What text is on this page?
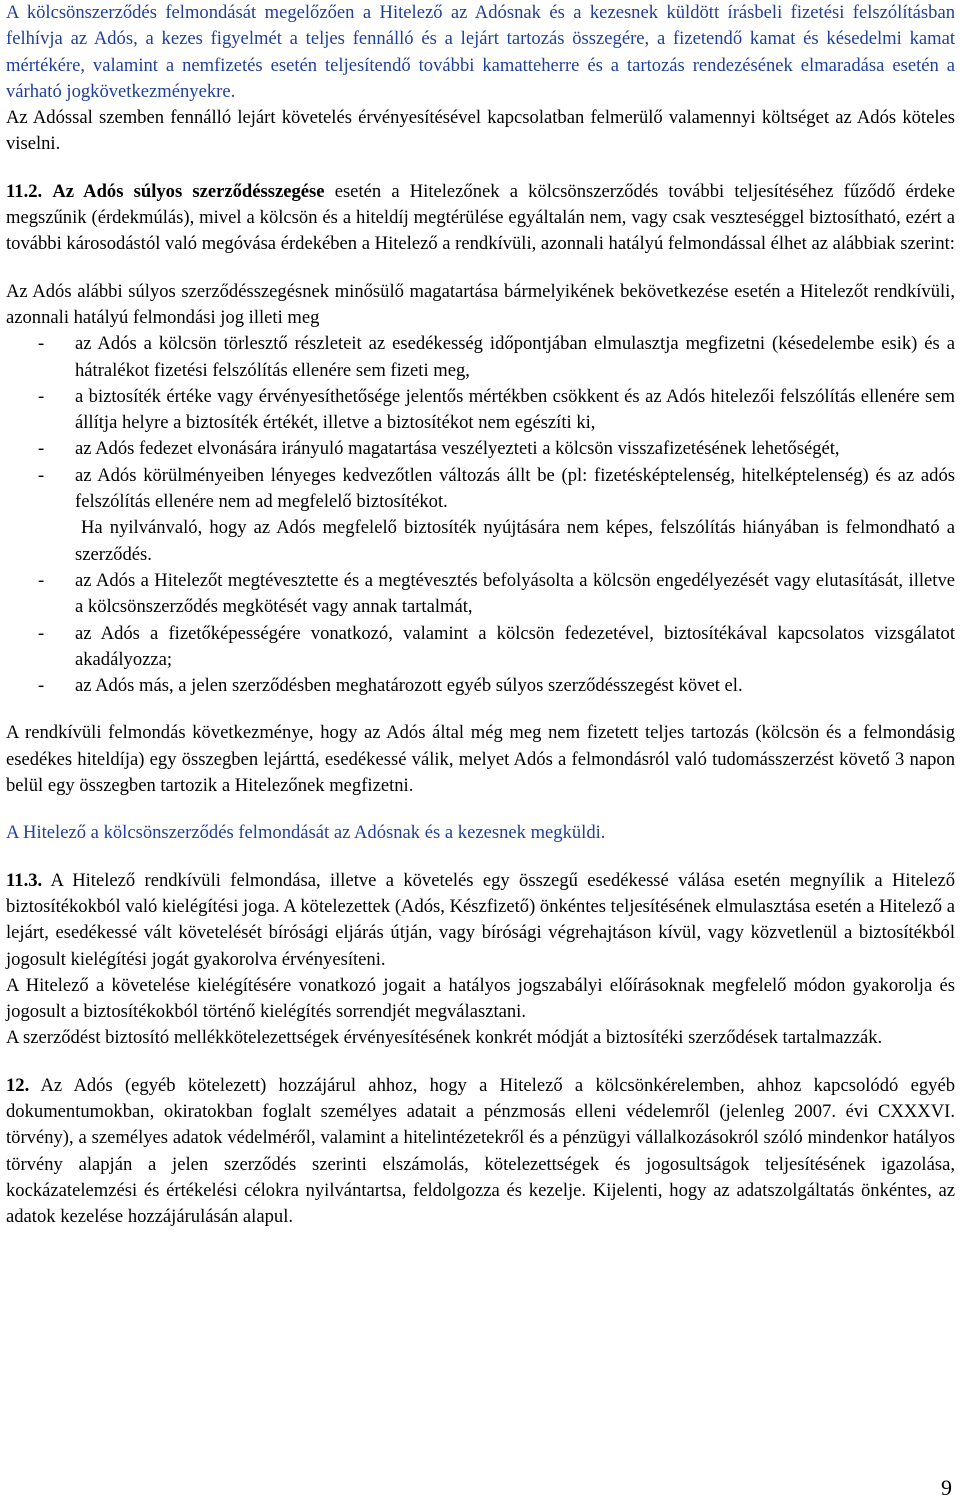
A kölcsönszerződés felmondását megelőzően a Hitelező az Adósnak és a kezesnek küldött írásbeli fizetési felszólításban felhívja az Adós, a kezes figyelmét a teljes fennálló és a lejárt tartozás összegére, a fizetendő kamat és késedelmi kamat mértékére, valamint a nemfizetés esetén teljesítendő további kamatteherre és a tartozás rendezésének elmaradása esetén a várható jogkövetkezményekre.

Az Adóssal szemben fennálló lejárt követelés érvényesítésével kapcsolatban felmerülő valamennyi költséget az Adós köteles viselni.

11.2. Az Adós súlyos szerződésszegése esetén a Hitelezőnek a kölcsönszerződés további teljesítéséhez fűződő érdeke megszűnik (érdekmúlás), mivel a kölcsön és a hiteldíj megtérülése egyáltalán nem, vagy csak veszteséggel biztosítható, ezért a további károsodástól való megóvása érdekében a Hitelező a rendkívüli, azonnali hatályú felmondással élhet az alábbiak szerint:

Az Adós alábbi súlyos szerződésszegésnek minősülő magatartása bármelyikének bekövetkezése esetén a Hitelezőt rendkívüli, azonnali hatályú felmondási jog illeti meg

- az Adós a kölcsön törlesztő részleteit az esedékesség időpontjában elmulasztja megfizetni (késedelembe esik) és a hátralékot fizetési felszólítás ellenére sem fizeti meg,
- a biztosíték értéke vagy érvényesíthetősége jelentős mértékben csökkent és az Adós hitelezői felszólítás ellenére sem állítja helyre a biztosíték értékét, illetve a biztosítékot nem egészíti ki,
- az Adós fedezet elvonására irányuló magatartása veszélyezteti a kölcsön visszafizetésének lehetőségét,
- az Adós körülményeiben lényeges kedvezőtlen változás állt be (pl: fizetésképtelenség, hitelképtelenség) és az adós felszólítás ellenére nem ad megfelelő biztosítékot.

Ha nyilvánvaló, hogy az Adós megfelelő biztosíték nyújtására nem képes, felszólítás hiányában is felmondható a szerződés.

- az Adós a Hitelezőt megtévesztette és a megtévesztés befolyásolta a kölcsön engedélyezését vagy elutasítását, illetve a kölcsönszerződés megkötését vagy annak tartalmát,
- az Adós a fizetőképességére vonatkozó, valamint a kölcsön fedezetével, biztosítékával kapcsolatos vizsgálatot akadályozza;
- az Adós más, a jelen szerződésben meghatározott egyéb súlyos szerződésszegést követ el.

A rendkívüli felmondás következménye, hogy az Adós által még meg nem fizetett teljes tartozás (kölcsön és a felmondásig esedékes hiteldíja) egy összegben lejárttá, esedékessé válik, melyet Adós a felmondásról való tudomásszerzést követő 3 napon belül egy összegben tartozik a Hitelezőnek megfizetni.

A Hitelező a kölcsönszerződés felmondását az Adósnak és a kezesnek megküldi.

11.3. A Hitelező rendkívüli felmondása, illetve a követelés egy összegű esedékessé válása esetén megnyílik a Hitelező biztosítékokból való kielégítési joga. A kötelezettek (Adós, Készfizető) önkéntes teljesítésének elmulasztása esetén a Hitelező a lejárt, esedékessé vált követelését bírósági eljárás útján, vagy bírósági végrehajtáson kívül, vagy közvetlenül a biztosítékból jogosult kielégítési jogát gyakorolva érvényesíteni.

A Hitelező a követelése kielégítésére vonatkozó jogait a hatályos jogszabályi előírásoknak megfelelő módon gyakorolja és jogosult a biztosítékokból történő kielégítés sorrendjét megválasztani.

A szerződést biztosító mellékkötelezettségek érvényesítésének konkrét módját a biztosítéki szerződések tartalmazzák.

12. Az Adós (egyéb kötelezett) hozzájárul ahhoz, hogy a Hitelező a kölcsönkérelemben, ahhoz kapcsolódó egyéb dokumentumokban, okiratokban foglalt személyes adatait a pénzmosás elleni védelemről (jelenleg 2007. évi CXXXVI. törvény), a személyes adatok védelméről, valamint a hitelintézetekről és a pénzügyi vállalkozásokról szóló mindenkor hatályos törvény alapján a jelen szerződés szerinti elszámolás, kötelezettségek és jogosultságok teljesítésének igazolása, kockázatelemzési és értékelési célokra nyilvántartsa, feldolgozza és kezelje. Kijelenti, hogy az adatszolgáltatás önkéntes, az adatok kezelése hozzájárulásán alapul.

9
